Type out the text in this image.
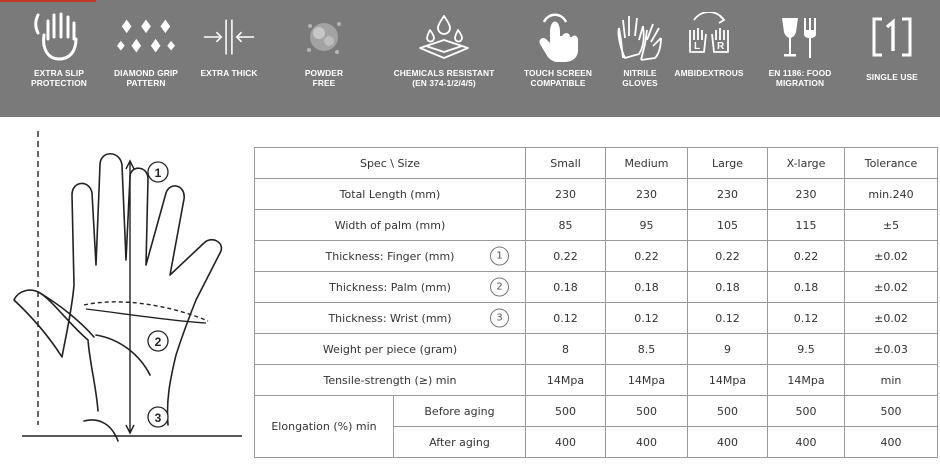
EXTRA SLIP
PROTECTION
DIAMOND GRIP
PATTERN
EXTRA THICK	POWDER
FREE
CHEMICALS RESISTANT
(EN 374-1/2/4/5)
TOUCH SCREEN
COMPATIBLE
NITRILE
GLOVES
L R
AMBIDEXTROUS	EN 1186: FOOD
MIGRATION
SINGLE USE
1
2
3
Spec \ Size		Small	Medium	Large	X-large	Tolerance
Total Length (mm)		230	230	230	230	min.240
Width of palm (mm)		85	95	105	115	±5
Thickness: Finger (mm) 1		0.22	0.22	0.22	0.22	±0.02
Thickness: Palm (mm) 2		0.18	0.18	0.18	0.18	±0.02
Thickness: Wrist (mm) 3		0.12	0.12	0.12	0.12	±0.02
Weight per piece (gram)		8	8.5	9	9.5	±0.03
Tensile-strength (≥) min		14Mpa	14Mpa	14Mpa	14Mpa	min
Elongation (%) min	Before aging	500	500	500	500	500
	After aging	400	400	400	400	400
